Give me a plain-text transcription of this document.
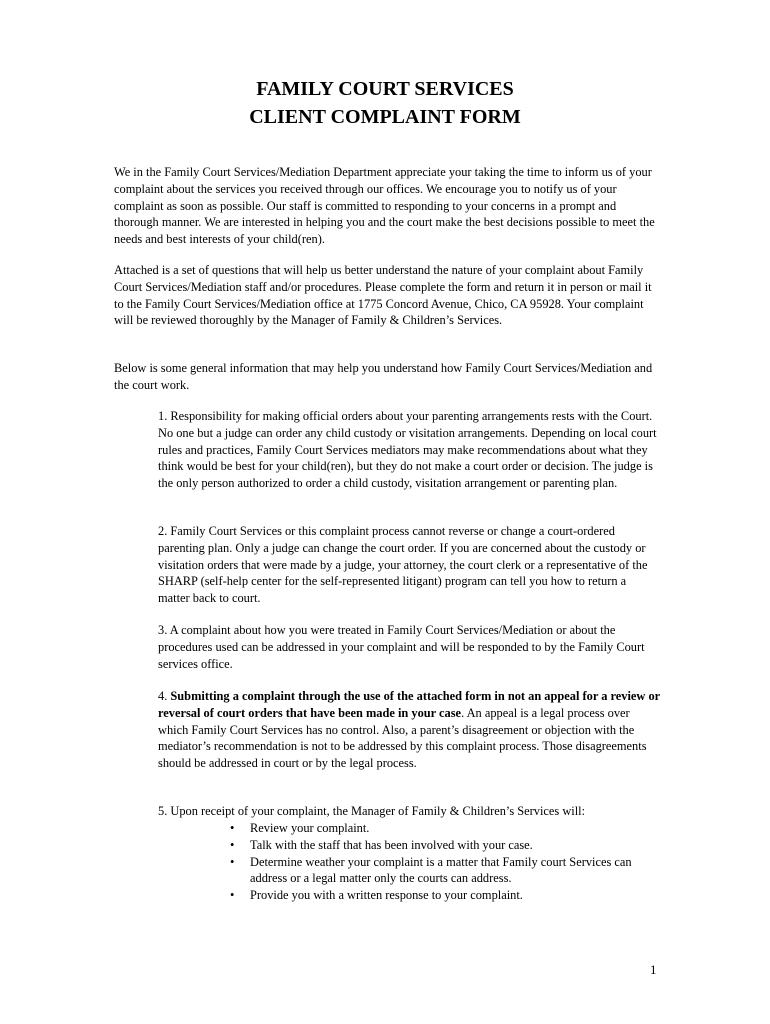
FAMILY COURT SERVICES
CLIENT COMPLAINT FORM

We in the Family Court Services/Mediation Department appreciate your taking the time to inform us of your complaint about the services you received through our offices. We encourage you to notify us of your complaint as soon as possible. Our staff is committed to responding to your concerns in a prompt and thorough manner. We are interested in helping you and the court make the best decisions possible to meet the needs and best interests of your child(ren).

Attached is a set of questions that will help us better understand the nature of your complaint about Family Court Services/Mediation staff and/or procedures. Please complete the form and return it in person or mail it to the Family Court Services/Mediation office at 1775 Concord Avenue, Chico, CA 95928. Your complaint will be reviewed thoroughly by the Manager of Family & Children’s Services.

Below is some general information that may help you understand how Family Court Services/Mediation and the court work.

1. Responsibility for making official orders about your parenting arrangements rests with the Court. No one but a judge can order any child custody or visitation arrangements. Depending on local court rules and practices, Family Court Services mediators may make recommendations about what they think would be best for your child(ren), but they do not make a court order or decision. The judge is the only person authorized to order a child custody, visitation arrangement or parenting plan.

2. Family Court Services or this complaint process cannot reverse or change a court-ordered parenting plan. Only a judge can change the court order. If you are concerned about the custody or visitation orders that were made by a judge, your attorney, the court clerk or a representative of the SHARP (self-help center for the self-represented litigant) program can tell you how to return a matter back to court.

3. A complaint about how you were treated in Family Court Services/Mediation or about the procedures used can be addressed in your complaint and will be responded to by the Family Court services office.

4. Submitting a complaint through the use of the attached form in not an appeal for a review or reversal of court orders that have been made in your case. An appeal is a legal process over which Family Court Services has no control. Also, a parent’s disagreement or objection with the mediator’s recommendation is not to be addressed by this complaint process. Those disagreements should be addressed in court or by the legal process.

5. Upon receipt of your complaint, the Manager of Family & Children’s Services will:

• Review your complaint.
• Talk with the staff that has been involved with your case.
• Determine weather your complaint is a matter that Family court Services can address or a legal matter only the courts can address.
• Provide you with a written response to your complaint.
1
